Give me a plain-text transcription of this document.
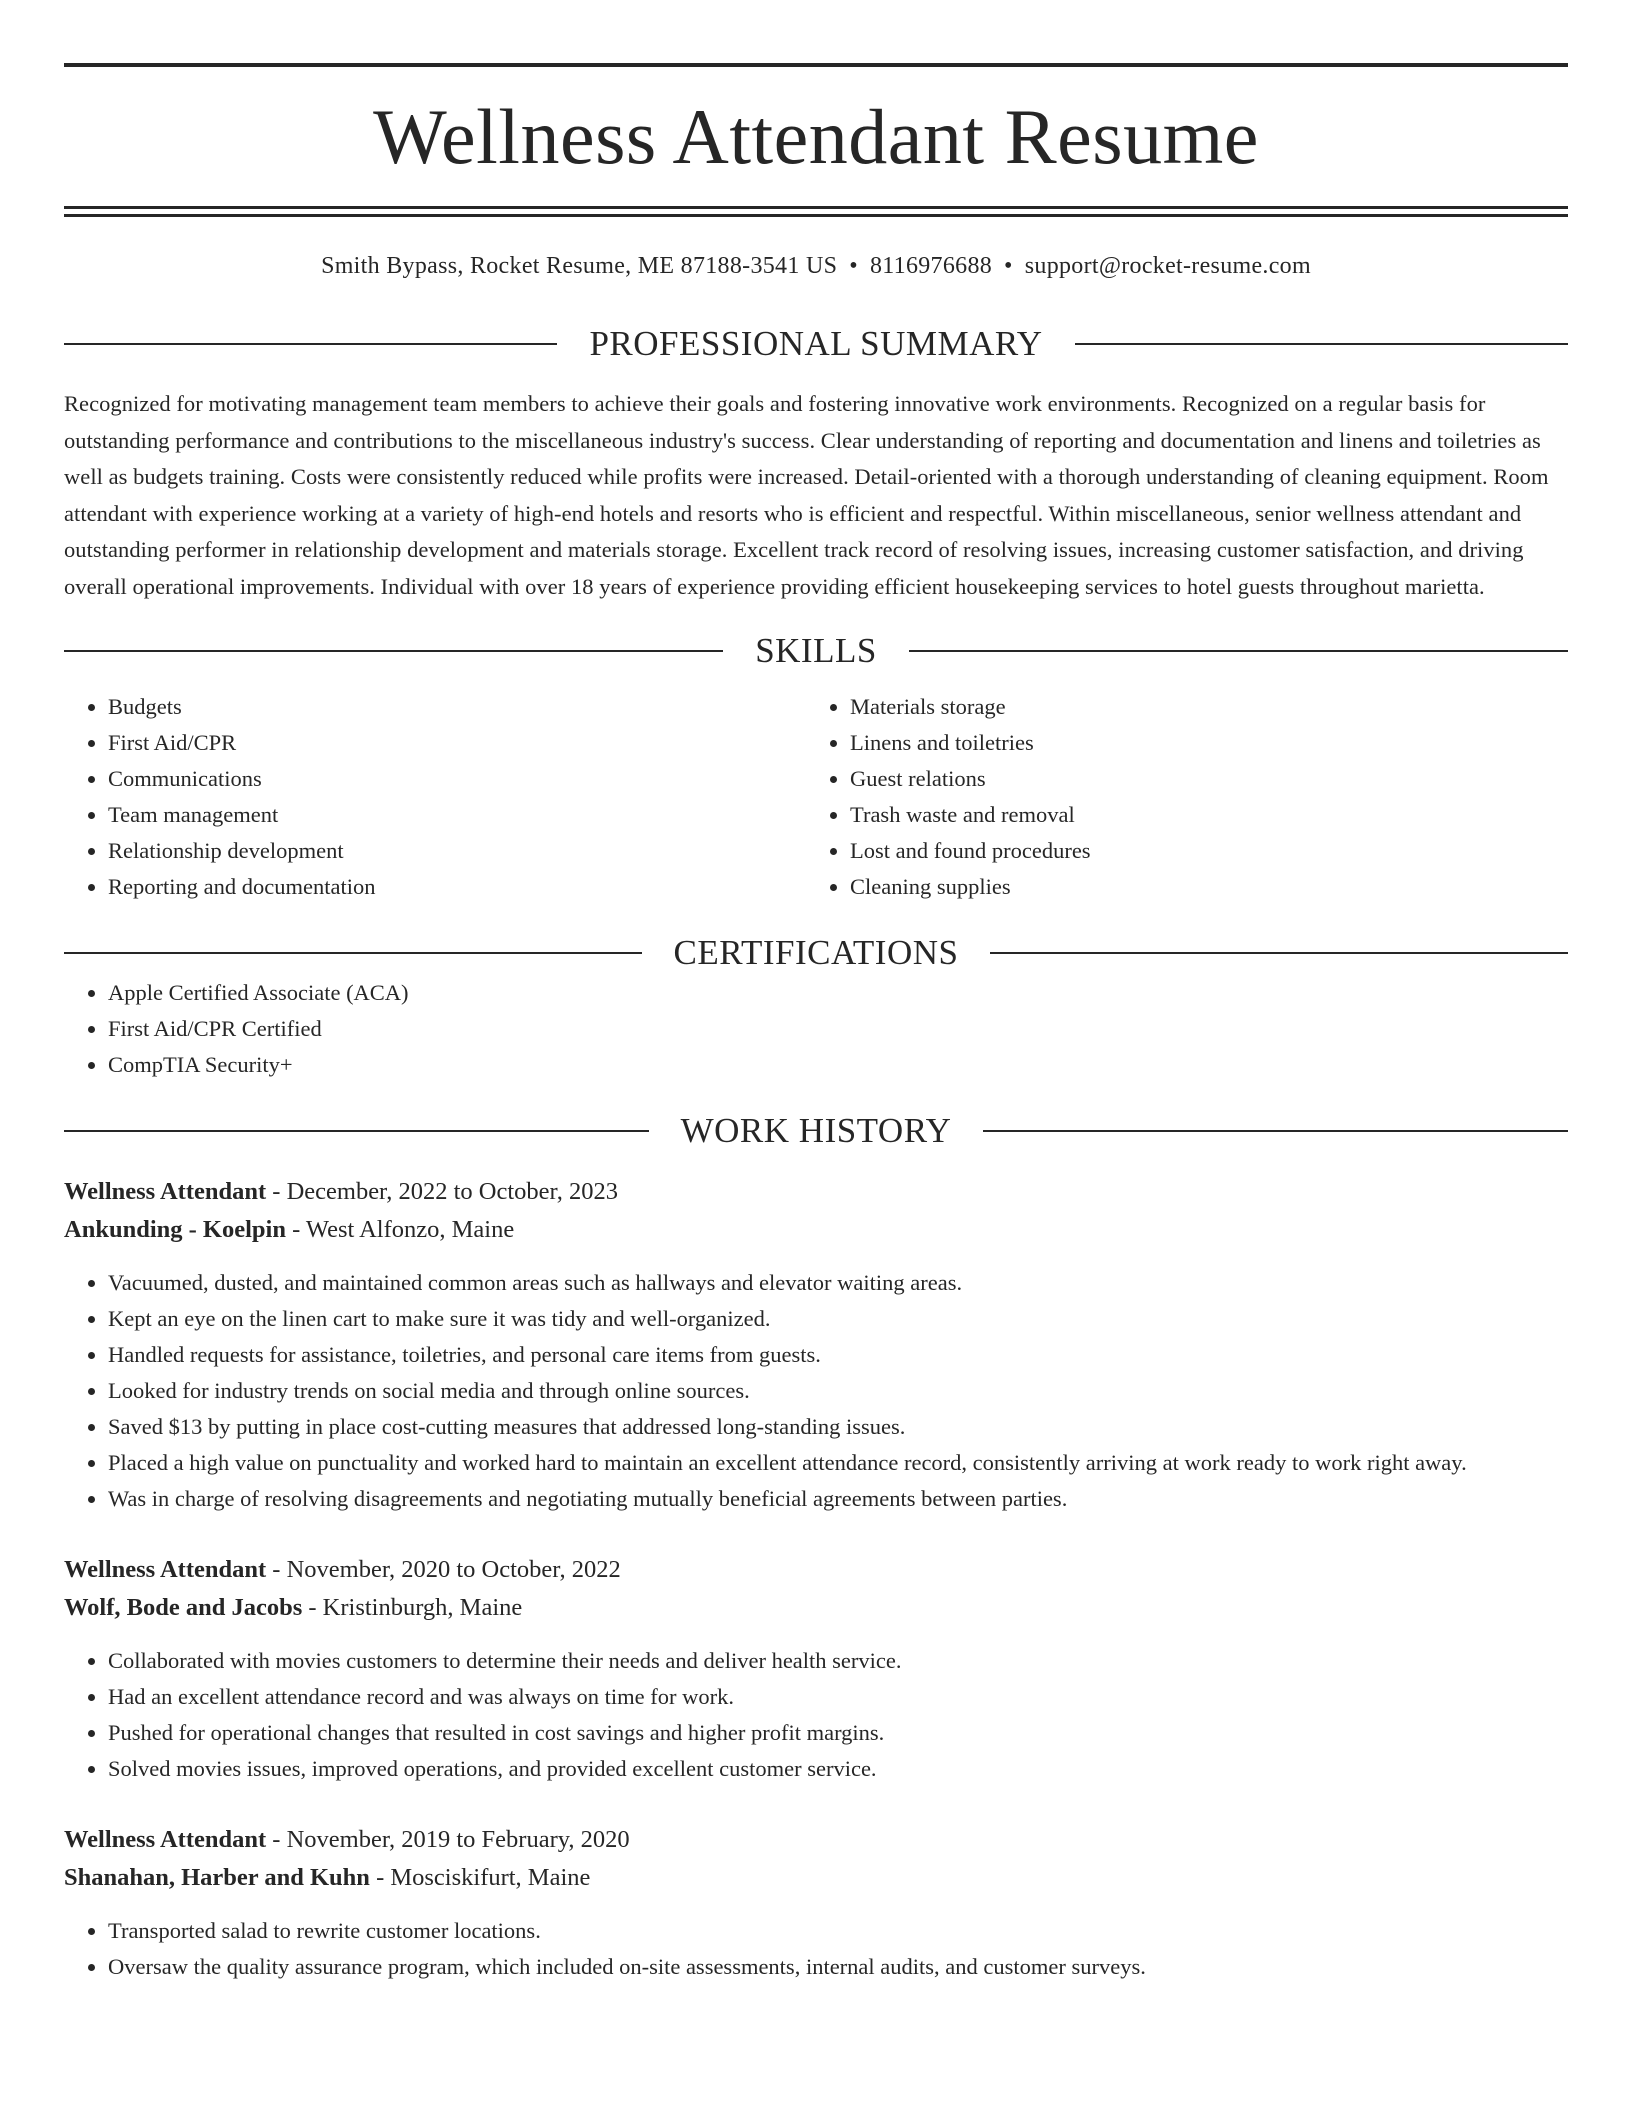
Wellness Attendant Resume
Smith Bypass, Rocket Resume, ME 87188-3541 US • 8116976688 • support@rocket-resume.com
PROFESSIONAL SUMMARY

Recognized for motivating management team members to achieve their goals and fostering innovative work environments. Recognized on a regular basis for outstanding performance and contributions to the miscellaneous industry's success. Clear understanding of reporting and documentation and linens and toiletries as well as budgets training. Costs were consistently reduced while profits were increased. Detail-oriented with a thorough understanding of cleaning equipment. Room attendant with experience working at a variety of high-end hotels and resorts who is efficient and respectful. Within miscellaneous, senior wellness attendant and outstanding performer in relationship development and materials storage. Excellent track record of resolving issues, increasing customer satisfaction, and driving overall operational improvements. Individual with over 18 years of experience providing efficient housekeeping services to hotel guests throughout marietta.

SKILLS
• Budgets
• First Aid/CPR
• Communications
• Team management
• Relationship development
• Reporting and documentation
• Materials storage
• Linens and toiletries
• Guest relations
• Trash waste and removal
• Lost and found procedures
• Cleaning supplies
CERTIFICATIONS
• Apple Certified Associate (ACA)
• First Aid/CPR Certified
• CompTIA Security+
WORK HISTORY
Wellness Attendant - December, 2022 to October, 2023
Ankunding - Koelpin - West Alfonzo, Maine
• Vacuumed, dusted, and maintained common areas such as hallways and elevator waiting areas.
• Kept an eye on the linen cart to make sure it was tidy and well-organized.
• Handled requests for assistance, toiletries, and personal care items from guests.
• Looked for industry trends on social media and through online sources.
• Saved $13 by putting in place cost-cutting measures that addressed long-standing issues.
• Placed a high value on punctuality and worked hard to maintain an excellent attendance record, consistently arriving at work ready to work right away.
• Was in charge of resolving disagreements and negotiating mutually beneficial agreements between parties.
Wellness Attendant - November, 2020 to October, 2022
Wolf, Bode and Jacobs - Kristinburgh, Maine
• Collaborated with movies customers to determine their needs and deliver health service.
• Had an excellent attendance record and was always on time for work.
• Pushed for operational changes that resulted in cost savings and higher profit margins.
• Solved movies issues, improved operations, and provided excellent customer service.
Wellness Attendant - November, 2019 to February, 2020
Shanahan, Harber and Kuhn - Mosciskifurt, Maine
• Transported salad to rewrite customer locations.
• Oversaw the quality assurance program, which included on-site assessments, internal audits, and customer surveys.
